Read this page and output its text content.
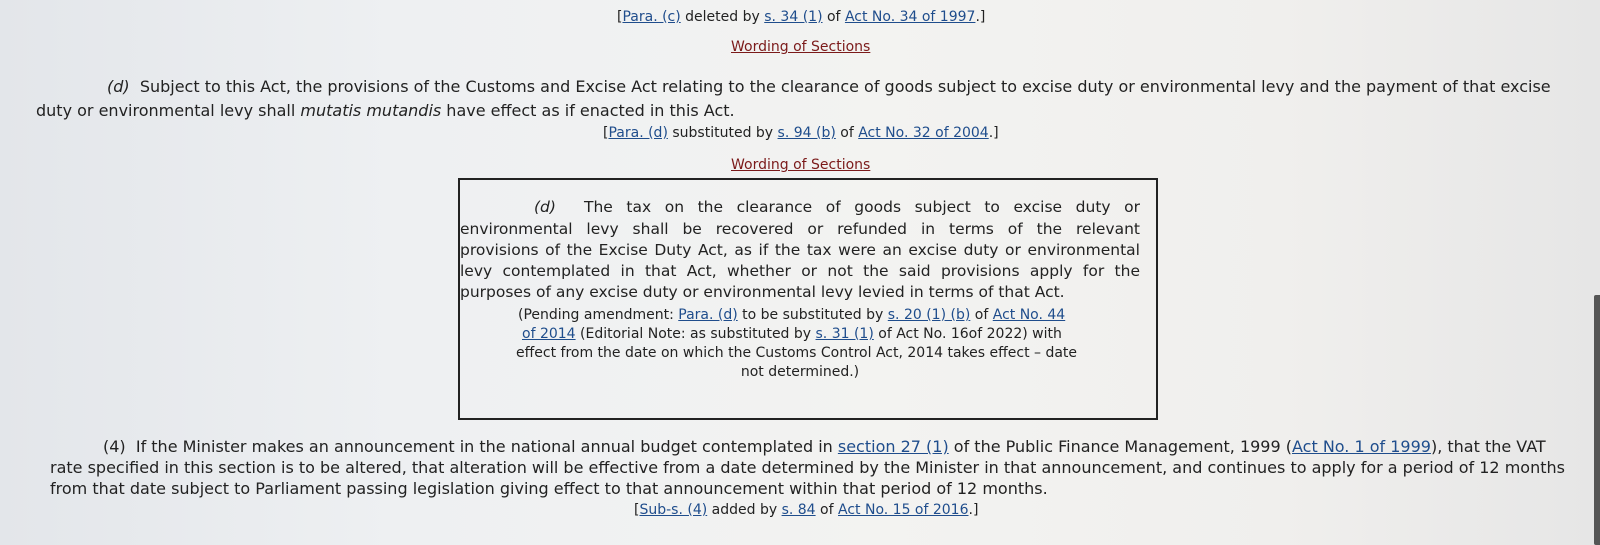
[Para. (c) deleted by s. 34 (1) of Act No. 34 of 1997.]
Wording of Sections
(d) Subject to this Act, the provisions of the Customs and Excise Act relating to the clearance of goods subject to excise duty or environmental levy and the payment of that excise
duty or environmental levy shall mutatis mutandis have effect as if enacted in this Act.
[Para. (d) substituted by s. 94 (b) of Act No. 32 of 2004.]
Wording of Sections
(d) The tax on the clearance of goods subject to excise duty or
environmental levy shall be recovered or refunded in terms of the relevant
provisions of the Excise Duty Act, as if the tax were an excise duty or environmental
levy contemplated in that Act, whether or not the said provisions apply for the
purposes of any excise duty or environmental levy levied in terms of that Act.
(Pending amendment: Para. (d) to be substituted by s. 20 (1) (b) of Act No. 44
of 2014 (Editorial Note: as substituted by s. 31 (1) of Act No. 16of 2022) with
effect from the date on which the Customs Control Act, 2014 takes effect – date
not determined.)
(4) If the Minister makes an announcement in the national annual budget contemplated in section 27 (1) of the Public Finance Management, 1999 (Act No. 1 of 1999), that the VAT
rate specified in this section is to be altered, that alteration will be effective from a date determined by the Minister in that announcement, and continues to apply for a period of 12 months
from that date subject to Parliament passing legislation giving effect to that announcement within that period of 12 months.
[Sub-s. (4) added by s. 84 of Act No. 15 of 2016.]
